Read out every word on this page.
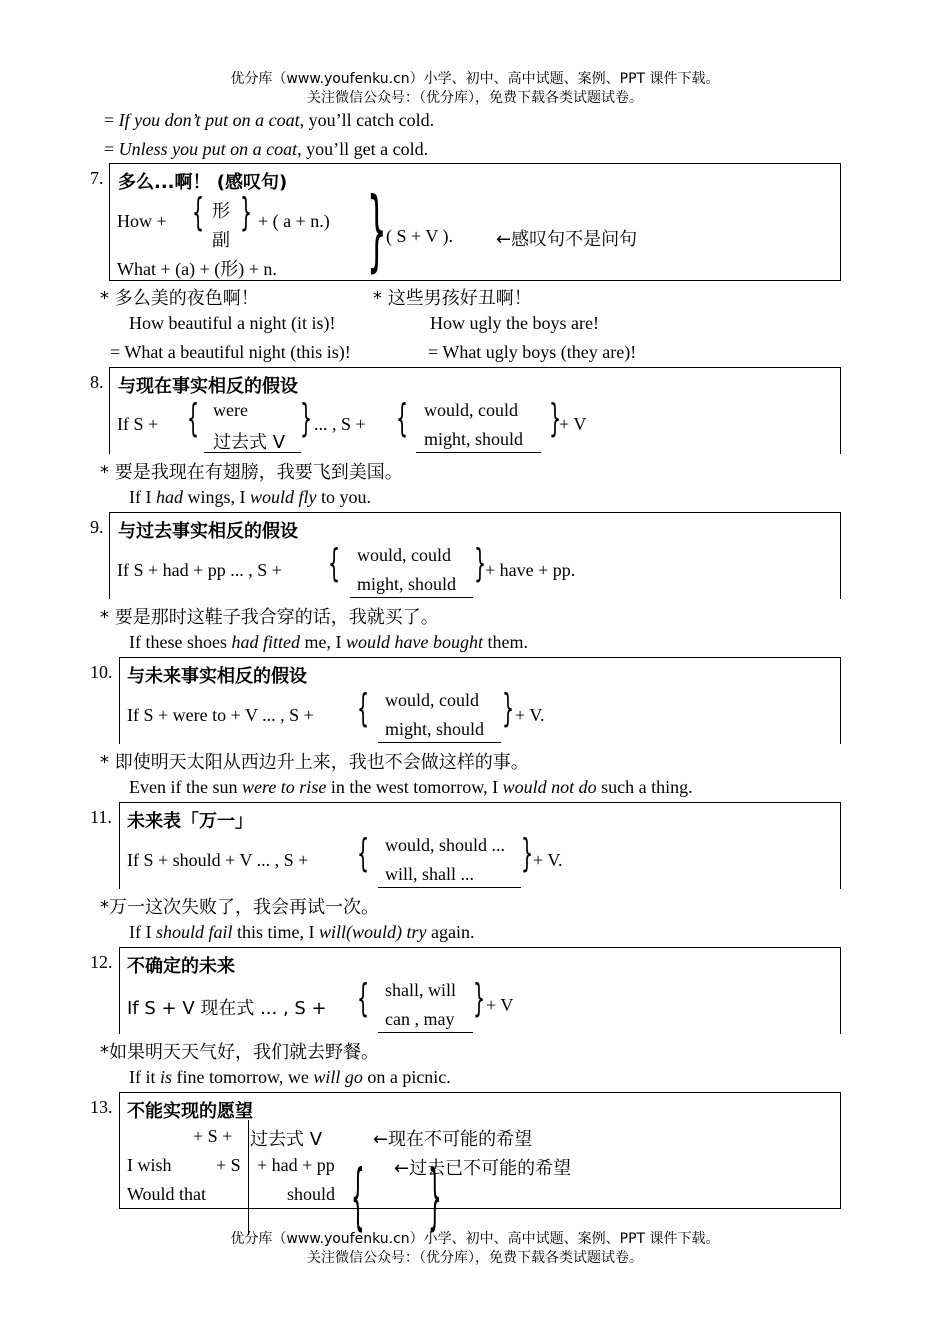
优分库（www.youfenku.cn）小学、初中、高中试题、案例、PPT 课件下载。
关注微信公众号：（优分库），免费下载各类试题试卷。
= If you don’t put on a coat, you’ll catch cold.
= Unless you put on a coat, you’ll get a cold.
7. 多么...啊！ (感叹句)
How + { 形
副
} + ( a + n.)
What + (a) + (形) + n. } ( S + V ). ←感叹句不是问句
* 多么美的夜色啊！	* 这些男孩好丑啊！
How beautiful a night (it is)!	How ugly the boys are!
= What a beautiful night (this is)!	= What ugly boys (they are)!
8. 与现在事实相反的假设
If S + { were
过去式 V
} ... , S + { would, could
might, should }
+ V
* 要是我现在有翅膀，我要飞到美国。
If I had wings, I would fly to you.
9. 与过去事实相反的假设
If S + had + pp ... , S + { would, could
might, should }
+ have + pp.
* 要是那时这鞋子我合穿的话，我就买了。
If these shoes had fitted me, I would have bought them.
10. 与未来事实相反的假设
If S + were to + V ... , S + { would, could
might, should } + V.
* 即使明天太阳从西边升上来，我也不会做这样的事。
Even if the sun were to rise in the west tomorrow, I would not do such a thing.
11. 未来表「万一」
If S + should + V ... , S + { would, should ...
will, shall ... } + V.
*万一这次失败了，我会再试一次。
If I should fail this time, I will(would) try again.
12. 不确定的未来
If S + V 现在式 ... , S + { shall, will
can , may } + V
*如果明天天气好，我们就去野餐。
If it is fine tomorrow, we will go on a picnic.
13. 不能实现的愿望
+ S + 过去式 V	←现在不可能的希望
I wish + S + had + pp	←过去已不可能的希望
Would that	should { }
优分库（www.youfenku.cn）小学、初中、高中试题、案例、PPT 课件下载。
关注微信公众号：（优分库），免费下载各类试题试卷。
